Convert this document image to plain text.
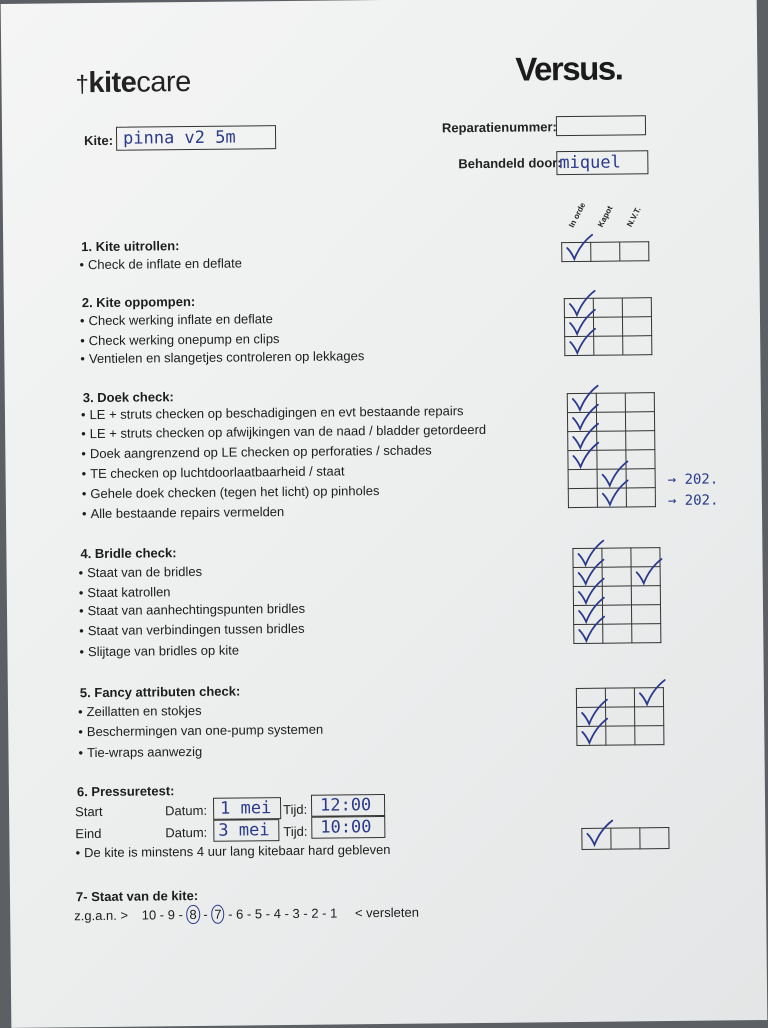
†kitecare	Versus.
Kite: pinna v2 5m
Reparatienummer:
Behandeld door:
miquel
In orde Kapot N.V.T.
1. Kite uitrollen:
• Check de inflate en deflate

2. Kite oppompen:
• Check werking inflate en deflate
• Check werking onepump en clips
• Ventielen en slangetjes controleren op lekkages

3. Doek check:
• LE + struts checken op beschadigingen en evt bestaande repairs
• LE + struts checken op afwijkingen van de naad / bladder getordeerd
• Doek aangrenzend op LE checken op perforaties / schades
• TE checken op luchtdoorlaatbaarheid / staat
• Gehele doek checken (tegen het licht) op pinholes
• Alle bestaande repairs vermelden

→ 202.
→ 202.
4. Bridle check:
• Staat van de bridles
• Staat katrollen
• Staat van aanhechtingspunten bridles
• Staat van verbindingen tussen bridles
• Slijtage van bridles op kite

5. Fancy attributen check:
• Zeillatten en stokjes
• Beschermingen van one-pump systemen
• Tie-wraps aanwezig

6. Pressuretest:
Start	Datum: 1 mei Tijd: 12:00
Eind	Datum: 3 mei	Tijd: 10:00
• De kite is minstens 4 uur lang kitebaar hard gebleven

7- Staat van de kite:
z.g.a.n. > 10 - 9 - 8 - 7 - 6 - 5 - 4 - 3 - 2 - 1 < versleten
